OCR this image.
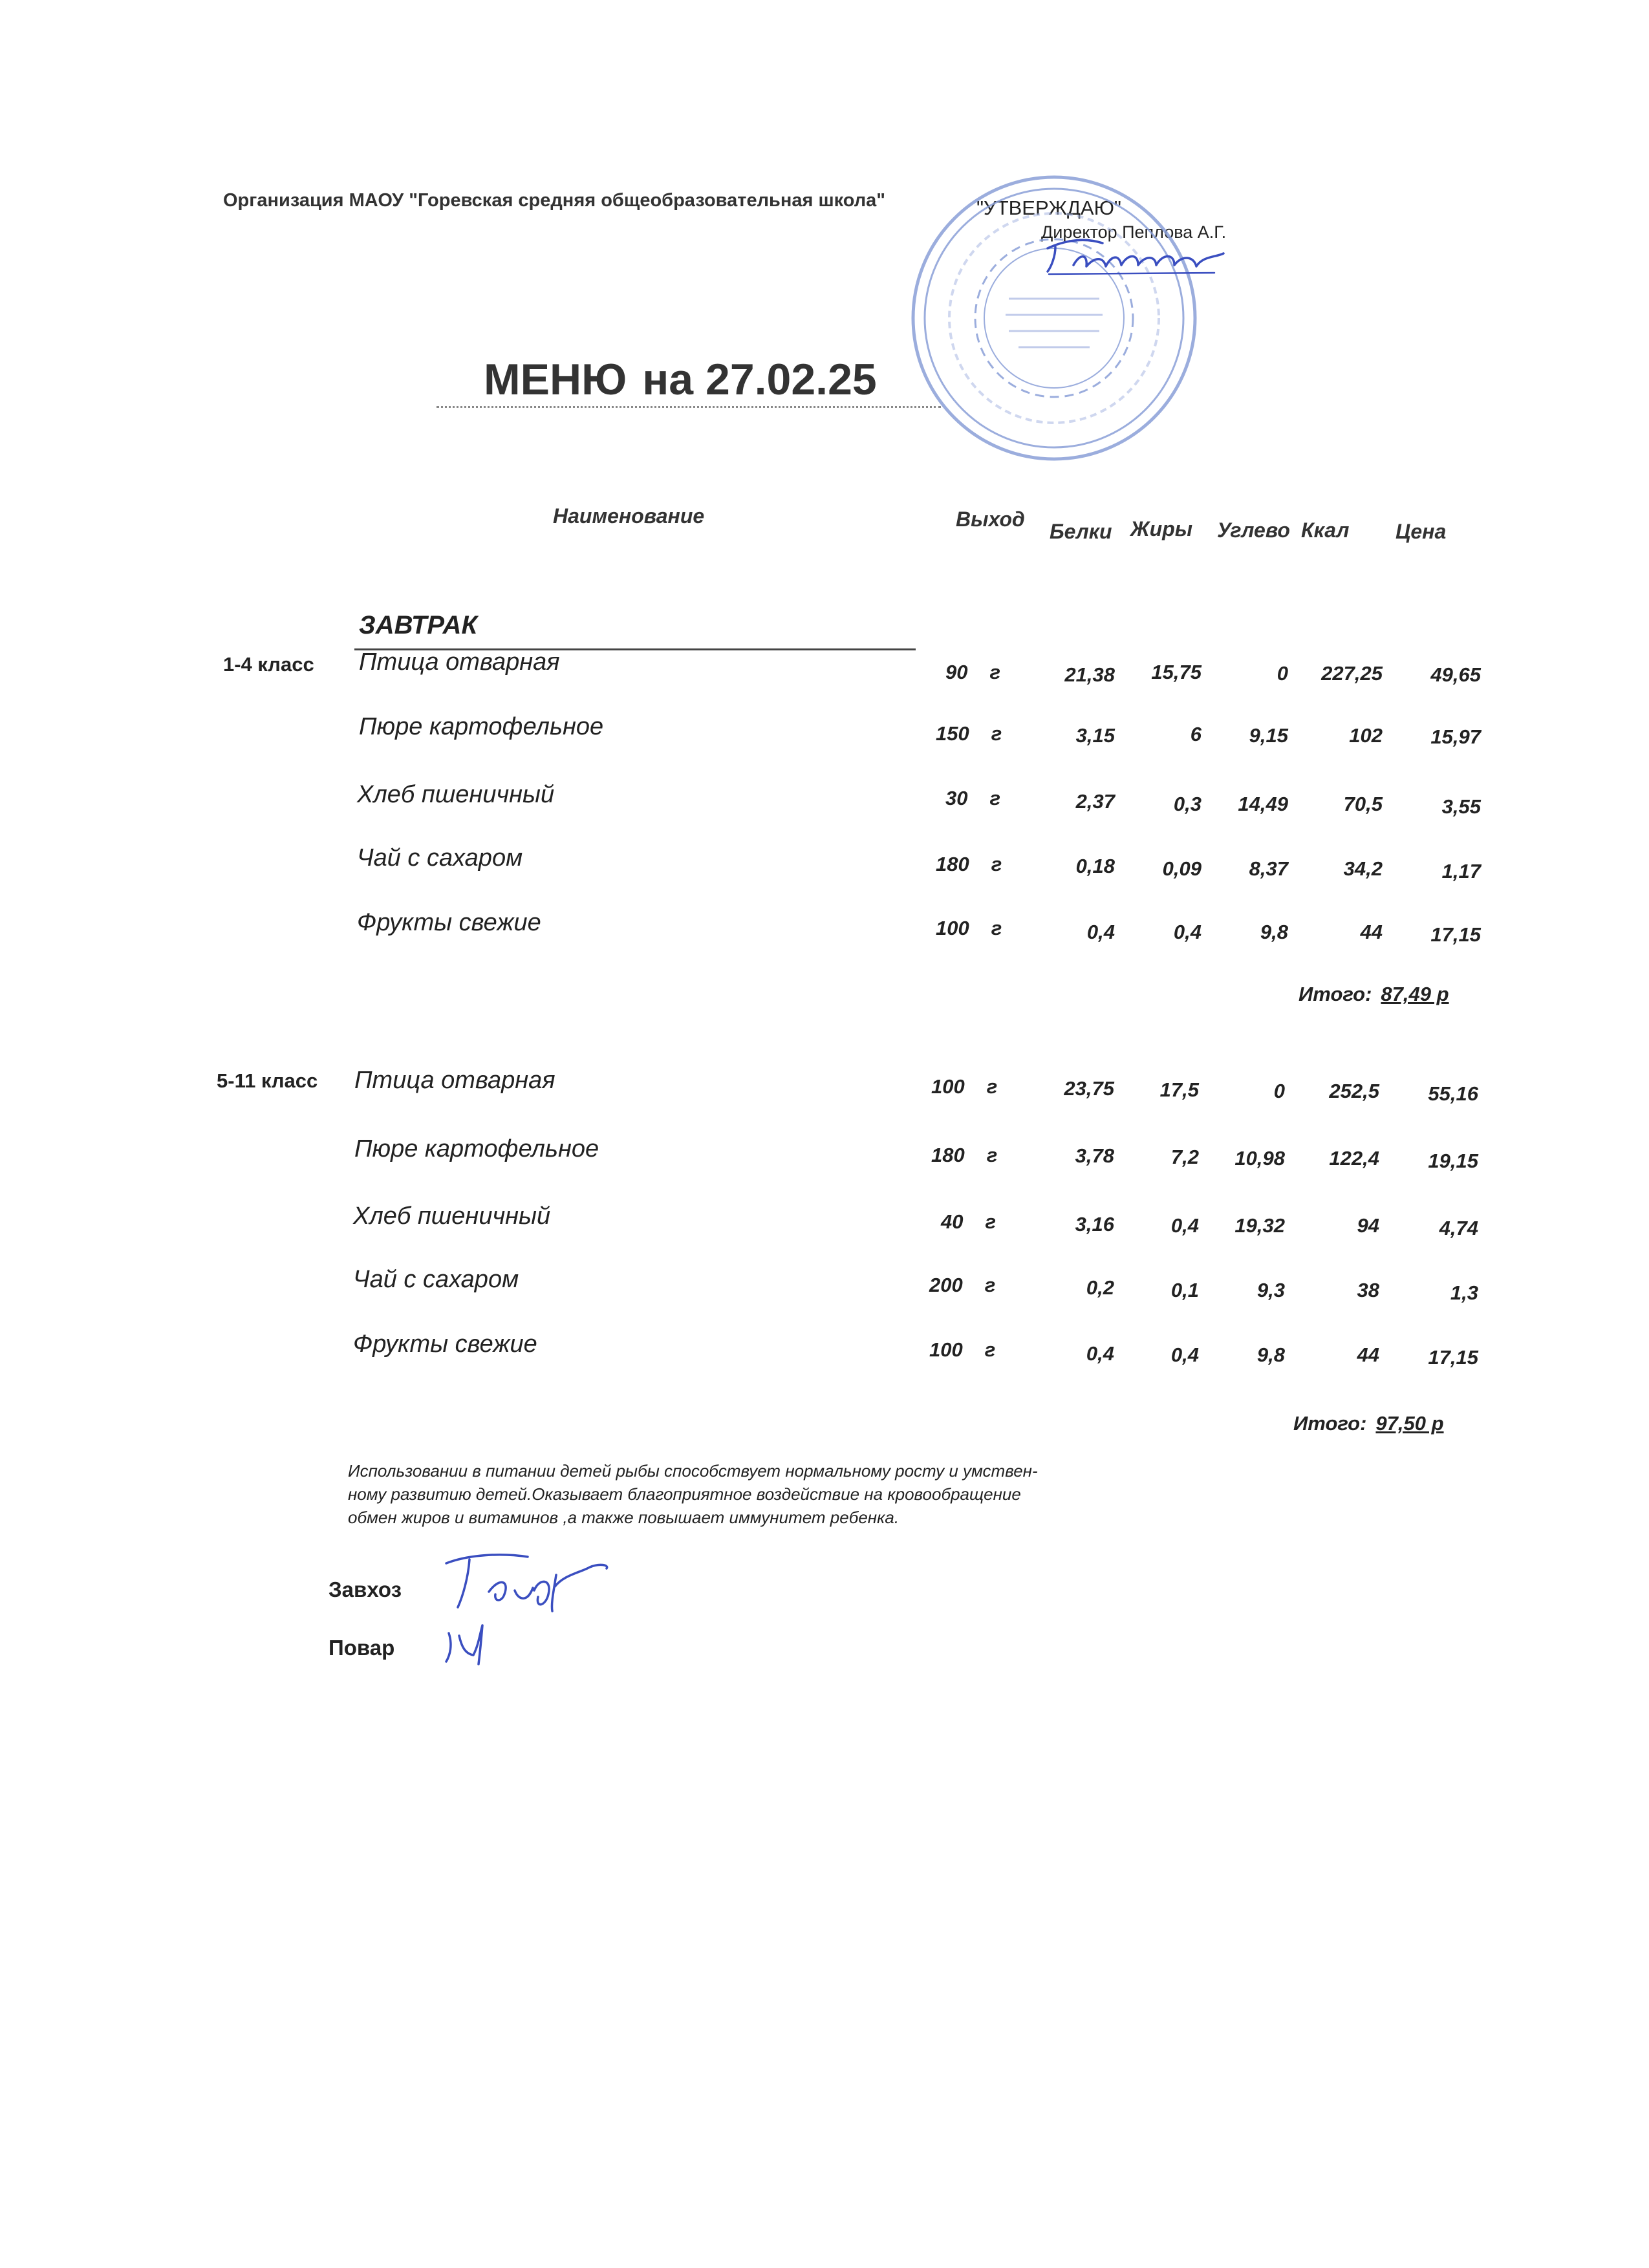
Организация МАОУ "Горевская средняя общеобразовательная школа"	"УТВЕРЖДАЮ"
Директор Пеплова А.Г.
МЕНЮ на 27.02.25
Наименование	Выход
Белки Жиры Углево Ккал Цена
ЗАВТРАК
1-4 класс Птица отварная	90 г	21,38 15,75	0 227,25 49,65
Пюре картофельное	150 г	3,15	6 9,15	102 15,97
Хлеб пшеничный	30 г	2,37	0,3 14,49	70,5	3,55
Чай с сахаром	180 г	0,18 0,09 8,37	34,2	1,17
Фрукты свежие	100 г	0,4	0,4	9,8	44 17,15
Итого: 87,49 р
5-11 класс Птица отварная	100 г	23,75 17,5	0 252,5 55,16
Пюре картофельное	180 г	3,78	7,2 10,98 122,4 19,15
Хлеб пшеничный	40 г	3,16	0,4 19,32	94	4,74
Чай с сахаром	200 г	0,2	0,1	9,3	38	1,3
Фрукты свежие	100 г	0,4	0,4	9,8	44 17,15
Итого: 97,50 р
Использовании в питании детей рыбы способствует нормальному росту и умствен-
ному развитию детей.Оказывает благоприятное воздействие на кровообращение
обмен жиров и витаминов ,а также повышает иммунитет ребенка.
Завхоз
Повар
